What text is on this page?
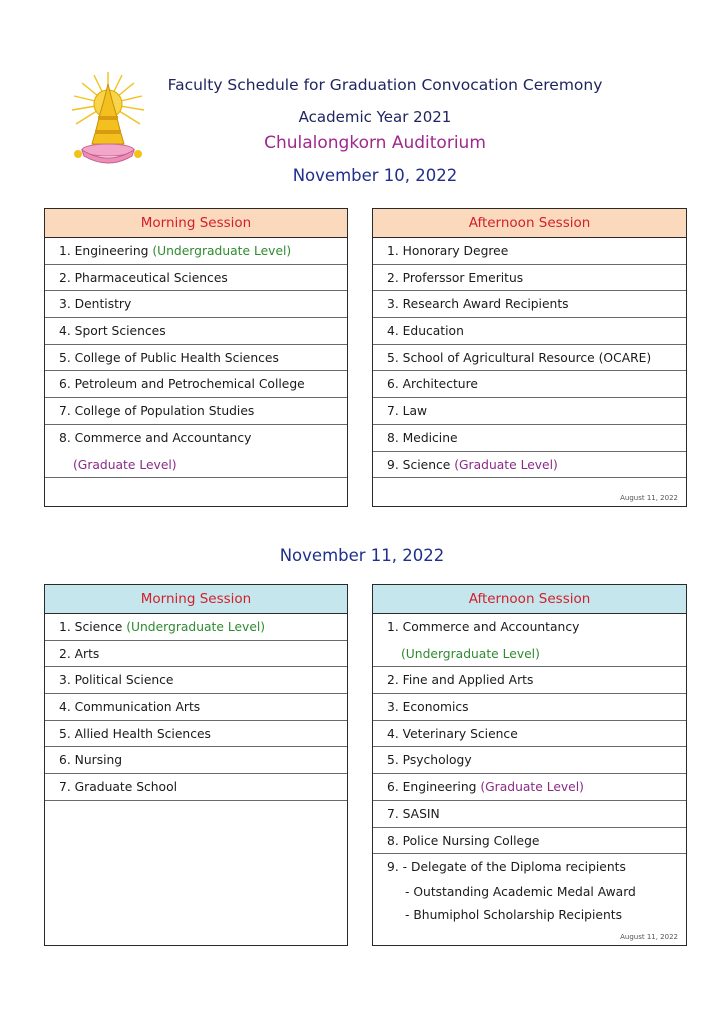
Faculty Schedule for Graduation Convocation Ceremony
Academic Year 2021
Chulalongkorn Auditorium
November 10, 2022
Morning Session
1. Engineering (Undergraduate Level)
2. Pharmaceutical Sciences
3. Dentistry
4. Sport Sciences
5. College of Public Health Sciences
6. Petroleum and Petrochemical College
7. College of Population Studies
8. Commerce and Accountancy
(Graduate Level)
Afternoon Session
1. Honorary Degree
2. Proferssor Emeritus
3. Research Award Recipients
4. Education
5. School of Agricultural Resource (OCARE)
6. Architecture
7. Law
8. Medicine
9. Science (Graduate Level)
August 11, 2022
November 11, 2022
Morning Session
1. Science (Undergraduate Level)
2. Arts
3. Political Science
4. Communication Arts
5. Allied Health Sciences
6. Nursing
7. Graduate School
Afternoon Session
1. Commerce and Accountancy
(Undergraduate Level)
2. Fine and Applied Arts
3. Economics
4. Veterinary Science
5. Psychology
6. Engineering (Graduate Level)
7. SASIN
8. Police Nursing College
9. - Delegate of the Diploma recipients
- Outstanding Academic Medal Award
- Bhumiphol Scholarship Recipients
August 11, 2022
